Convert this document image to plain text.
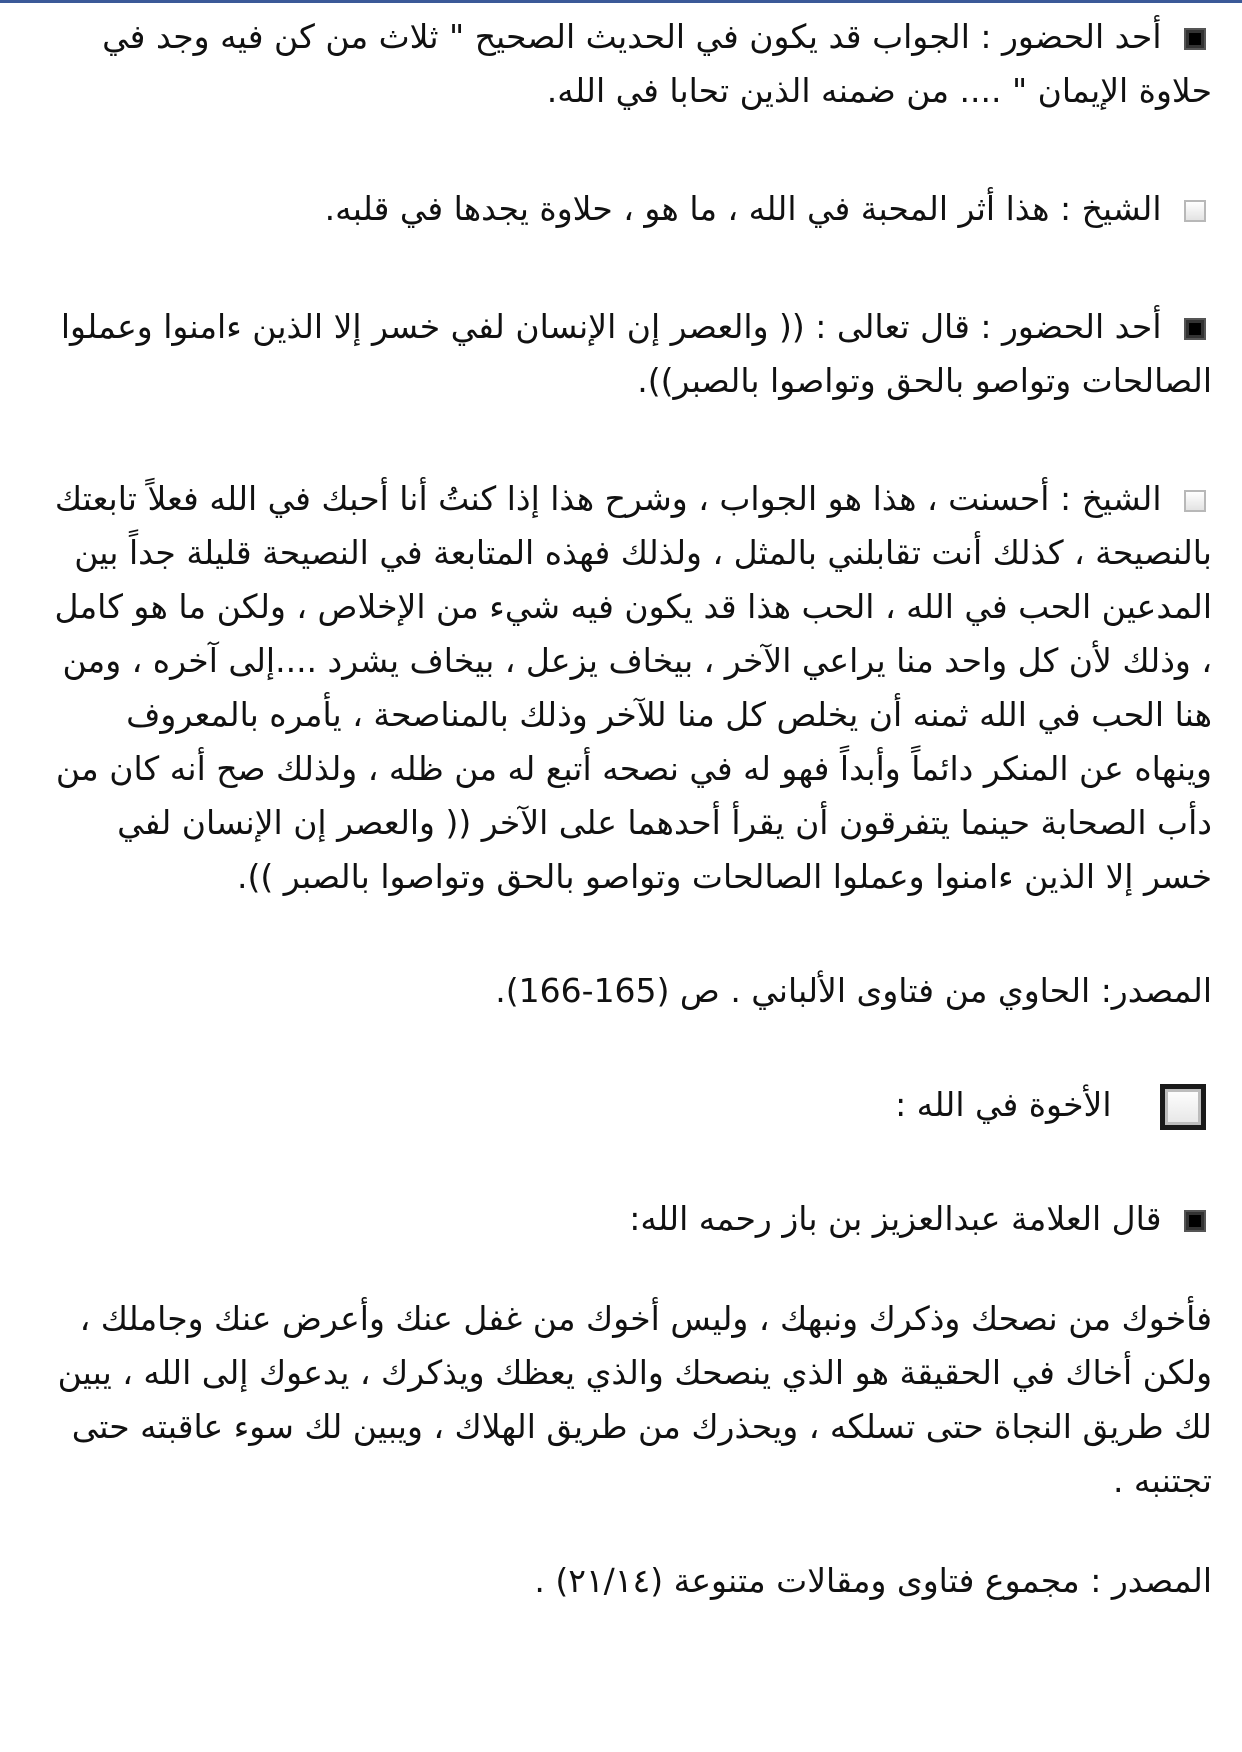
أحد الحضور : الجواب قد يكون في الحديث الصحيح " ثلاث من كن فيه وجد في حلاوة الإيمان " .... من ضمنه الذين تحابا في الله.

الشيخ : هذا أثر المحبة في الله ، ما هو ، حلاوة يجدها في قلبه.

أحد الحضور : قال تعالى : (( والعصر إن الإنسان لفي خسر إلا الذين ءامنوا وعملوا الصالحات وتواصو بالحق وتواصوا بالصبر)).

الشيخ : أحسنت ، هذا هو الجواب ، وشرح هذا إذا كنتُ أنا أحبك في الله فعلاً تابعتك بالنصيحة ، كذلك أنت تقابلني بالمثل ، ولذلك فهذه المتابعة في النصيحة قليلة جداً بين المدعين الحب في الله ، الحب هذا قد يكون فيه شيء من الإخلاص ، ولكن ما هو كامل ، وذلك لأن كل واحد منا يراعي الآخر ، بيخاف يزعل ، بيخاف يشرد ....إلى آخره ، ومن هنا الحب في الله ثمنه أن يخلص كل منا للآخر وذلك بالمناصحة ، يأمره بالمعروف وينهاه عن المنكر دائماً وأبداً فهو له في نصحه أتبع له من ظله ، ولذلك صح أنه كان من دأب الصحابة حينما يتفرقون أن يقرأ أحدهما على الآخر (( والعصر إن الإنسان لفي خسر إلا الذين ءامنوا وعملوا الصالحات وتواصو بالحق وتواصوا بالصبر )).

المصدر: الحاوي من فتاوى الألباني . ص (165-166).

الأخوة في الله :

قال العلامة عبدالعزيز بن باز رحمه الله:

فأخوك من نصحك وذكرك ونبهك ، وليس أخوك من غفل عنك وأعرض عنك وجاملك ، ولكن أخاك في الحقيقة هو الذي ينصحك والذي يعظك ويذكرك ، يدعوك إلى الله ، يبين لك طريق النجاة حتى تسلكه ، ويحذرك من طريق الهلاك ، ويبين لك سوء عاقبته حتى تجتنبه .

المصدر : مجموع فتاوى ومقالات متنوعة (٢١/١٤) .
